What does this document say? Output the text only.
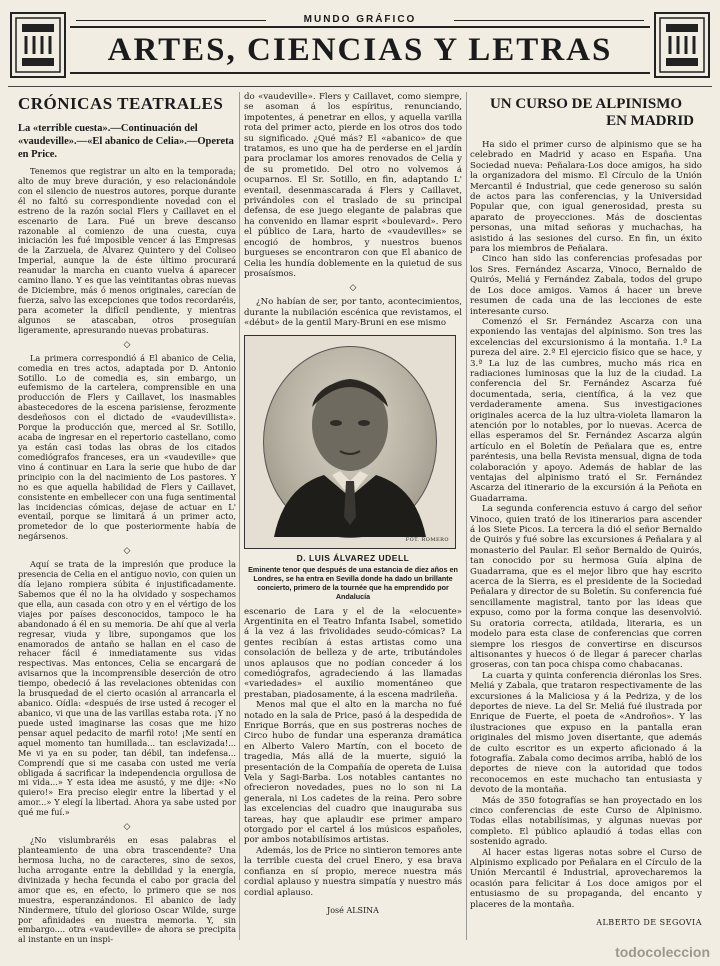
MUNDO GRÁFICO
ARTES, CIENCIAS Y LETRAS
CRÓNICAS TEATRALES
La «terrible cuesta».—Continuación del «vaudeville».—«El abanico de Celia».—Opereta en Price.

Tenemos que registrar un alto en la temporada; alto de muy breve duración, y eso relacionándole con el silencio de nuestros autores, porque durante él no faltó su correspondiente novedad con el estreno de la razón social Flers y Caillavet en el escenario de Lara. Fué un breve descanso razonable al comienzo de una cuesta, cuya iniciación les fué imposible vencer á las Empresas de la Zarzuela, de Alvarez Quintero y del Coliseo Imperial, aunque la de éste último procurará reanudar la marcha en cuanto vuelva á aparecer camino llano. Y es que las veintitantas obras nuevas de Diciembre, más ó menos originales, carecían de fuerza, salvo las excepciones que todos recordaréis, para acometer la difícil pendiente, y mientras algunos se atascaban, otros proseguían ligeramente, apresurando nuevas probaturas.

◇

La primera correspondió á El abanico de Celia, comedia en tres actos, adaptada por D. Antonio Sotillo. Lo de comedia es, sin embargo, un eufemismo de la cartelera, comprensible en una producción de Flers y Caillavet, los inasmables abastecedores de la escena parisiense, ferozmente desdeñosos con el dictado de «vaudevillista». Porque la producción que, merced al Sr. Sotillo, acaba de ingresar en el repertorio castellano, como ya están casi todas las obras de los citados comediógrafos franceses, era un «vaudeville» que vino á continuar en Lara la serie que hubo de dar principio con la del nacimiento de Los pastores. Y no es que aquella habilidad de Flers y Caillavet, consistente en embellecer con una fuga sentimental las incidencias cómicas, dejase de actuar en L' eventail, porque se limitará á un primer acto, prometedor de lo que posteriormente había de negársenos.

◇

Aquí se trata de la impresión que produce la presencia de Celia en el antiguo novio, con quien un día lejano rompiera súbita é injustificadamente. Sabemos que él no la ha olvidado y sospechamos que ella, aun casada con otro y en el vértigo de los viajes por países desconocidos, tampoco le ha abandonado á él en su memoria. De ahí que al verla regresar, viuda y libre, supongamos que los enamorados de antaño se hallan en el caso de rehacer fácil é inmediatamente sus vidas respectivas. Mas entonces, Celia se encargará de avisarnos que la incomprensible deserción de otro tiempo, obedeció á las revelaciones obtenidas con la brusquedad de el cierto ocasión al arrancarla el abanico. Oídla: «después de irse usted á recoger el abanico, vi que una de las varillas estaba rota. ¡Y no puede usted imaginarse las cosas que me hizo pensar aquel pedacito de marfil roto! ¡Me sentí en aquel momento tan humillada... tan esclavizada!... Me vi ya en su poder, tan débil, tan indefensa... Comprendí que si me casaba con usted me vería obligada á sacrificar la independencia orgullosa de mi vida...» Y esta idea me asustó, y me dije: «No quiero!» Era preciso elegir entre la libertad y el amor...» Y elegí la libertad. Ahora ya sabe usted por qué me fuí.»

◇

¿No vislumbraréis en esas palabras el planteamiento de una obra trascendente? Una hermosa lucha, no de caracteres, sino de sexos, lucha arrogante entre la debilidad y la energía, divinizada y hecha fecunda el cabo por gracia del amor que es, en efecto, lo primero que se nos muestra, esperanzándonos. El abanico de lady Nindermere, título del glorioso Oscar Wilde, surge por afinidades en nuestra memoria. Y, sin embargo.... otra «vaudeville» de ahora se precipita al instante en un inspi-

do «vaudeville». Flers y Caillavet, como siempre, se asoman á los espíritus, renunciando, impotentes, á penetrar en ellos, y aquella varilla rota del primer acto, pierde en los otros dos todo su significado. ¿Qué más? El «abanico» de que tratamos, es uno que ha de perderse en el jardín para proclamar los amores renovados de Celia y de su prometido. Del otro no volvemos á ocuparnos. El Sr. Sotillo, en fin, adaptando L' eventail, desenmascarada á Flers y Caillavet, privándoles con el traslado de su principal defensa, de ese juego elegante de palabras que ha convenido en llamar esprit «boulevard». Pero el público de Lara, harto de «vaudevilles» se encogió de hombros, y nuestros buenos burgueses se encontraron con que El abanico de Celia les hundía doblemente en la quietud de sus prosaísmos.

◇

¿No habían de ser, por tanto, acontecimientos, durante la nubilación escénica que revistamos, el «début» de la gentil Mary-Bruni en ese mismo

FOT. ROMERO
D. LUIS ÁLVAREZ UDELL
Eminente tenor que después de una estancia de diez años en Londres, se ha entra en Sevilla donde ha dado un brillante concierto, primero de la tournée que ha emprendido por Andalucía

escenario de Lara y el de la «elocuente» Argentinita en el Teatro Infanta Isabel, sometido á la vez á las frivolidades seudo-cómicas? La gentes recibían á estas artistas como una consolación de belleza y de arte, tributándoles unos aplausos que no podían conceder á los comediógrafos, agradeciendo á las llamadas «variedades» el auxilio momentáneo que prestaban, piadosamente, á la escena madrileña.

Menos mal que el alto en la marcha no fué notado en la sala de Price, pasó á la despedida de Enrique Borrás, que en sus postreras noches de Circo hubo de fundar una esperanza dramática en Alberto Valero Martín, con el boceto de tragedia, Más allá de la muerte, siguió la presentación de la Compañía de opereta de Luisa Vela y Sagi-Barba. Los notables cantantes no ofrecieron novedades, pues no lo son ni La generala, ni Los cadetes de la reina. Pero sobre las excelencias del cuadro que inauguraba sus tareas, hay que aplaudir ese primer amparo otorgado por el cartel á los músicos españoles, por ambos notabilísimos artistas.

Además, los de Price no sintieron temores ante la terrible cuesta del cruel Enero, y esa brava confianza en sí propio, merece nuestra más cordial aplauso y nuestra simpatía y nuestro más cordial aplauso.

José ALSINA
UN CURSO DE ALPINISMO
EN MADRID

Ha sido el primer curso de alpinismo que se ha celebrado en Madrid y acaso en España. Una Sociedad nueva: Peñalara-Los doce amigos, ha sido la organizadora del mismo. El Círculo de la Unión Mercantil é Industrial, que cede generoso su salón de actos para las conferencias, y la Universidad Popular que, con igual generosidad, presta su aparato de proyecciones. Más de doscientas personas, una mitad señoras y muchachas, ha asistido á las sesiones del curso. En fin, un éxito para los miembros de Peñalara.

Cinco han sido las conferencias profesadas por los Sres. Fernández Ascarza, Vinoco, Bernaldo de Quirós, Meliá y Fernández Zabala, todos del grupo de Los doce amigos. Vamos á hacer un breve resumen de cada una de las lecciones de este interesante curso.

Comenzó el Sr. Fernández Ascarza con una exponiendo las ventajas del alpinismo. Son tres las excelencias del excursionismo á la montaña. 1.ª La pureza del aire. 2.ª El ejercicio físico que se hace, y 3.ª La luz de las cumbres, mucho más rica en radiaciones luminosas que la luz de la ciudad. La conferencia del Sr. Fernández Ascarza fué documentada, seria, científica, á la vez que verdaderamente amena. Sus investigaciones originales acerca de la luz ultra-violeta llamaron la atención por lo notables, por lo nuevas. Acerca de ellas esperamos del Sr. Fernández Ascarza algún artículo en el Boletín de Peñalara que es, entre paréntesis, una bella Revista mensual, digna de toda colaboración y apoyo. Además de hablar de las ventajas del alpinismo trató el Sr. Fernández Ascarza del itinerario de la excursión á la Peñota en Guadarrama.

La segunda conferencia estuvo á cargo del señor Vinoco, quien trató de los itinerarios para ascender á los Siete Picos. La tercera la dió el señor Bernaldo de Quirós y fué sobre las excursiones á Peñalara y al monasterio del Paular. El señor Bernaldo de Quirós, tan conocido por su hermosa Guía alpina de Guadarrama, que es el mejor libro que hay escrito acerca de la Sierra, es el presidente de la Sociedad Peñalara y director de su Boletín. Su conferencia fué sencillamente magistral, tanto por las ideas que expuso, como por la forma conque las desenvolvió. Su oratoria correcta, atildada, literaria, es un modelo para esta clase de conferencias que corren siempre los riesgos de convertirse en discursos altisonantes y huecos ó de llegar á parecer charlas groseras, con tan poca chispa como chabacanas.

La cuarta y quinta conferencia diéronlas los Sres. Meliá y Zabala, que trataron respectivamente de las excursiones á la Maliciosa y á la Pedriza, y de los deportes de nieve. La del Sr. Meliá fué ilustrada por Enrique de Fuerte, el poeta de «Androños». Y las ilustraciones que expuso en la pantalla eran originales del mismo joven disertante, que además de culto escritor es un experto aficionado á la fotografía. Zabala como decimos arriba, habló de los deportes de nieve con la autoridad que todos reconocemos en este muchacho tan entusiasta y devoto de la montaña.

Más de 350 fotografías se han proyectado en los cinco conferencias de este Curso de Alpinismo. Todas ellas notabilísimas, y algunas nuevas por completo. El público aplaudió á todas ellas con sostenido agrado.

Al hacer estas ligeras notas sobre el Curso de Alpinismo explicado por Peñalara en el Círculo de la Unión Mercantil é Industrial, aprovecharemos la ocasión para felicitar á Los doce amigos por el entusiasmo de su propaganda, del encanto y placeres de la montaña.

ALBERTO DE SEGOVIA
todocoleccion
